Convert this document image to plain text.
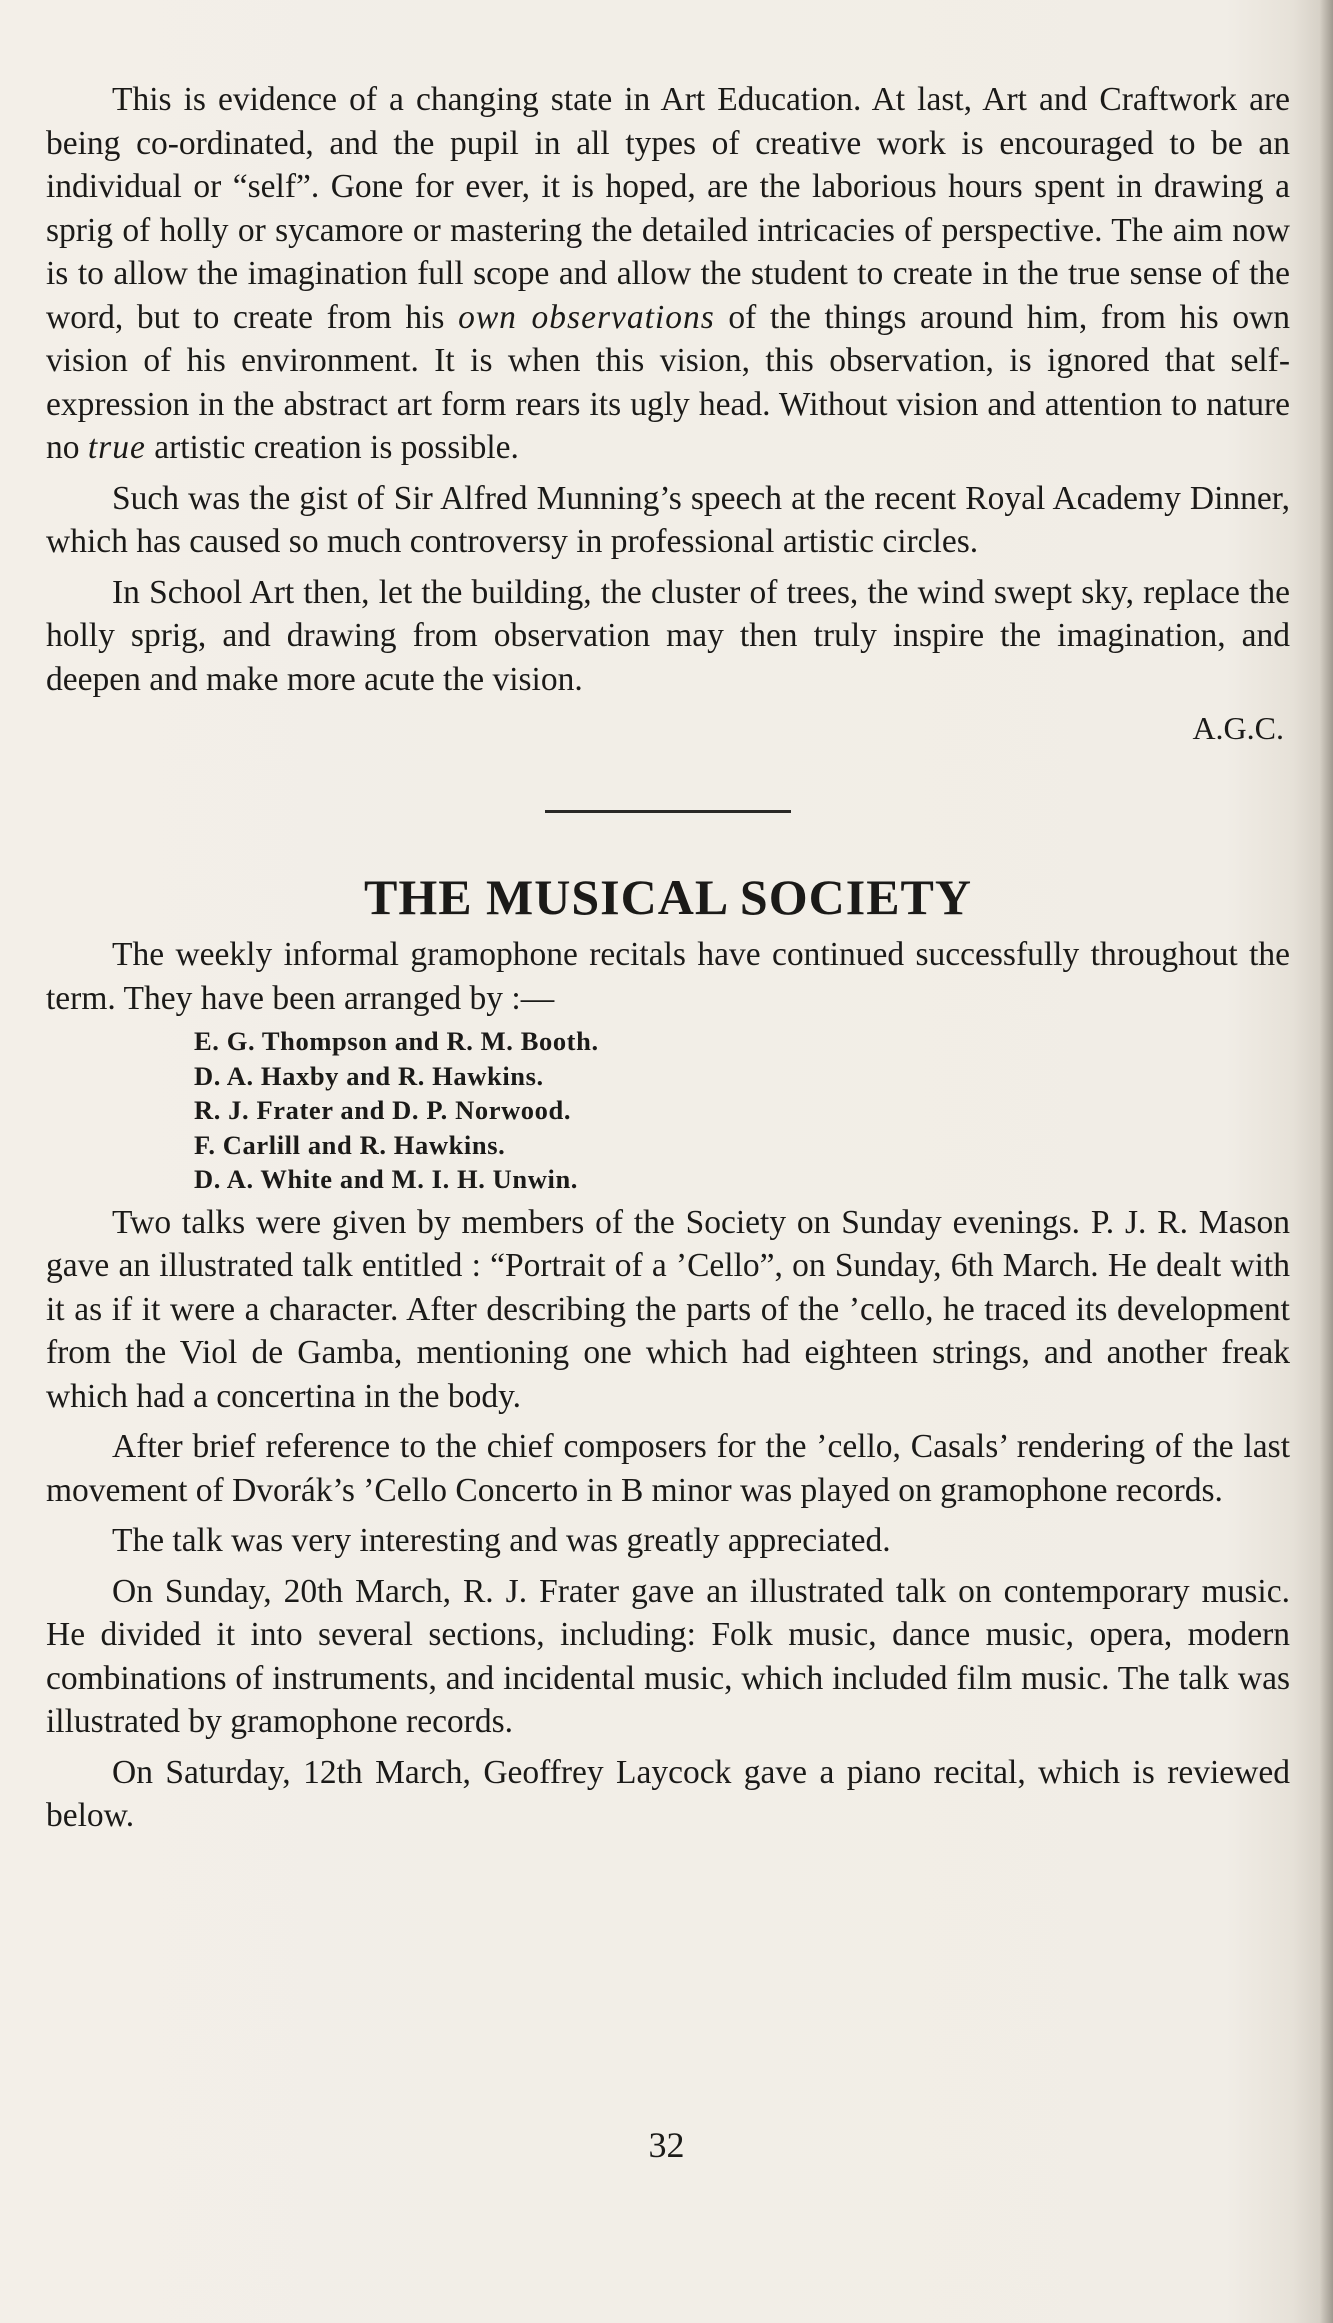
This is evidence of a changing state in Art Education. At last, Art and Craftwork are being co-ordinated, and the pupil in all types of creative work is encouraged to be an individual or “self”. Gone for ever, it is hoped, are the laborious hours spent in drawing a sprig of holly or sycamore or mastering the detailed intricacies of perspective. The aim now is to allow the imagination full scope and allow the student to create in the true sense of the word, but to create from his own observations of the things around him, from his own vision of his environment. It is when this vision, this observation, is ignored that self-expression in the abstract art form rears its ugly head. Without vision and attention to nature no true artistic creation is possible.

Such was the gist of Sir Alfred Munning’s speech at the recent Royal Academy Dinner, which has caused so much controversy in professional artistic circles.

In School Art then, let the building, the cluster of trees, the wind swept sky, replace the holly sprig, and drawing from observation may then truly inspire the imagination, and deepen and make more acute the vision.

A.G.C.
THE MUSICAL SOCIETY

The weekly informal gramophone recitals have continued successfully throughout the term. They have been arranged by :—

E. G. Thompson and R. M. Booth.
D. A. Haxby and R. Hawkins.
R. J. Frater and D. P. Norwood.
F. Carlill and R. Hawkins.
D. A. White and M. I. H. Unwin.

Two talks were given by members of the Society on Sunday evenings. P. J. R. Mason gave an illustrated talk entitled : “Portrait of a ’Cello”, on Sunday, 6th March. He dealt with it as if it were a character. After describing the parts of the ’cello, he traced its development from the Viol de Gamba, mentioning one which had eighteen strings, and another freak which had a concertina in the body.

After brief reference to the chief composers for the ’cello, Casals’ rendering of the last movement of Dvorák’s ’Cello Concerto in B minor was played on gramophone records.

The talk was very interesting and was greatly appreciated.

On Sunday, 20th March, R. J. Frater gave an illustrated talk on contemporary music. He divided it into several sections, including: Folk music, dance music, opera, modern combinations of instruments, and incidental music, which included film music. The talk was illustrated by gramophone records.

On Saturday, 12th March, Geoffrey Laycock gave a piano recital, which is reviewed below.

32
